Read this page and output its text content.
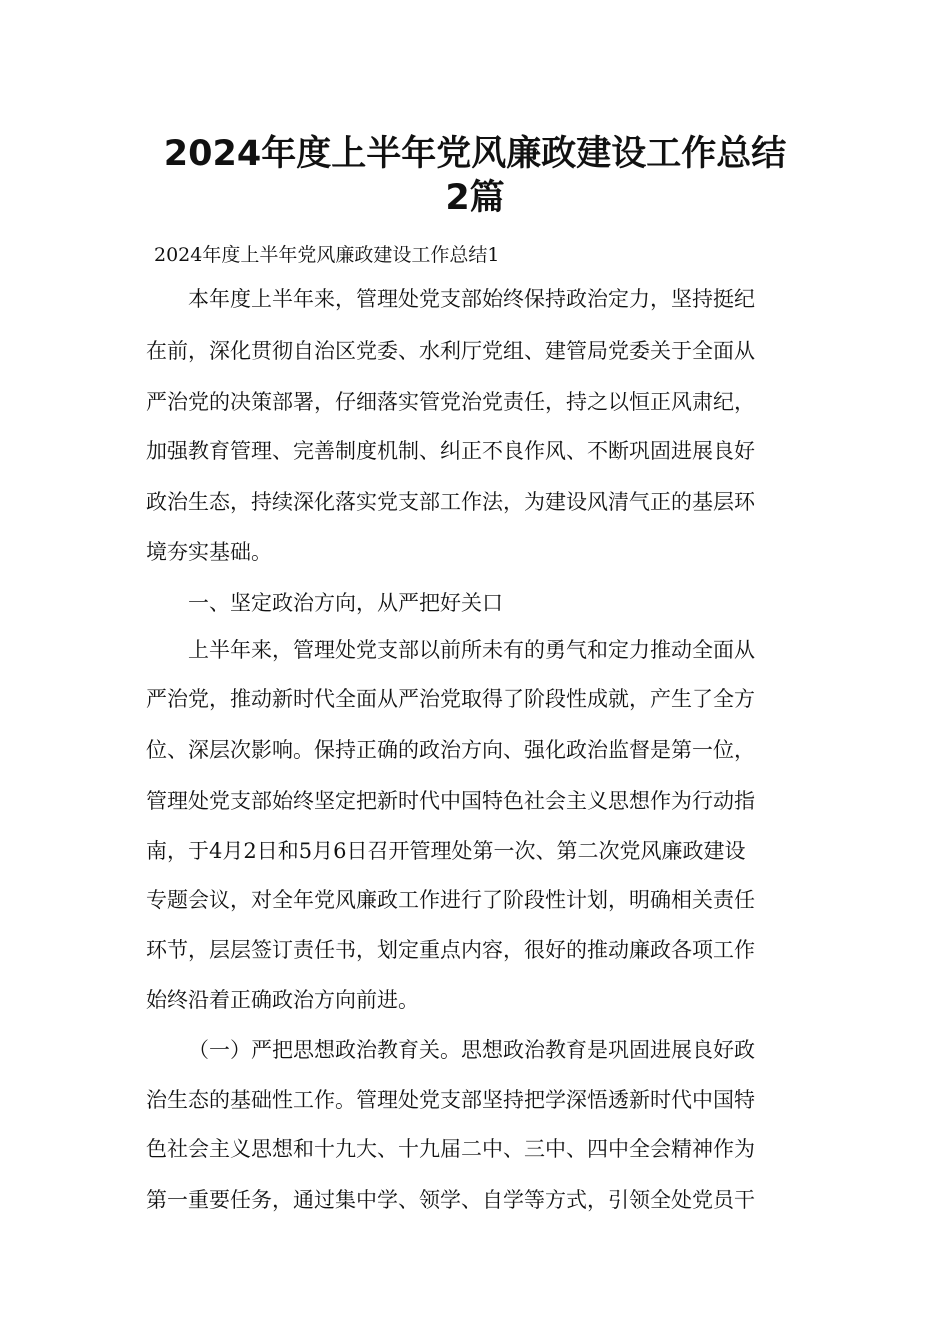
2024年度上半年党风廉政建设工作总结
2篇
2024年度上半年党风廉政建设工作总结1
本年度上半年来，管理处党支部始终保持政治定力，坚持挺纪
在前，深化贯彻自治区党委、水利厅党组、建管局党委关于全面从
严治党的决策部署，仔细落实管党治党责任，持之以恒正风肃纪，
加强教育管理、完善制度机制、纠正不良作风、不断巩固进展良好
政治生态，持续深化落实党支部工作法，为建设风清气正的基层环
境夯实基础。
一、坚定政治方向，从严把好关口
上半年来，管理处党支部以前所未有的勇气和定力推动全面从
严治党，推动新时代全面从严治党取得了阶段性成就，产生了全方
位、深层次影响。保持正确的政治方向、强化政治监督是第一位，
管理处党支部始终坚定把新时代中国特色社会主义思想作为行动指
南，于4月2日和5月6日召开管理处第一次、第二次党风廉政建设
专题会议，对全年党风廉政工作进行了阶段性计划，明确相关责任
环节，层层签订责任书，划定重点内容，很好的推动廉政各项工作
始终沿着正确政治方向前进。
（一）严把思想政治教育关。思想政治教育是巩固进展良好政
治生态的基础性工作。管理处党支部坚持把学深悟透新时代中国特
色社会主义思想和十九大、十九届二中、三中、四中全会精神作为
第一重要任务，通过集中学、领学、自学等方式，引领全处党员干
